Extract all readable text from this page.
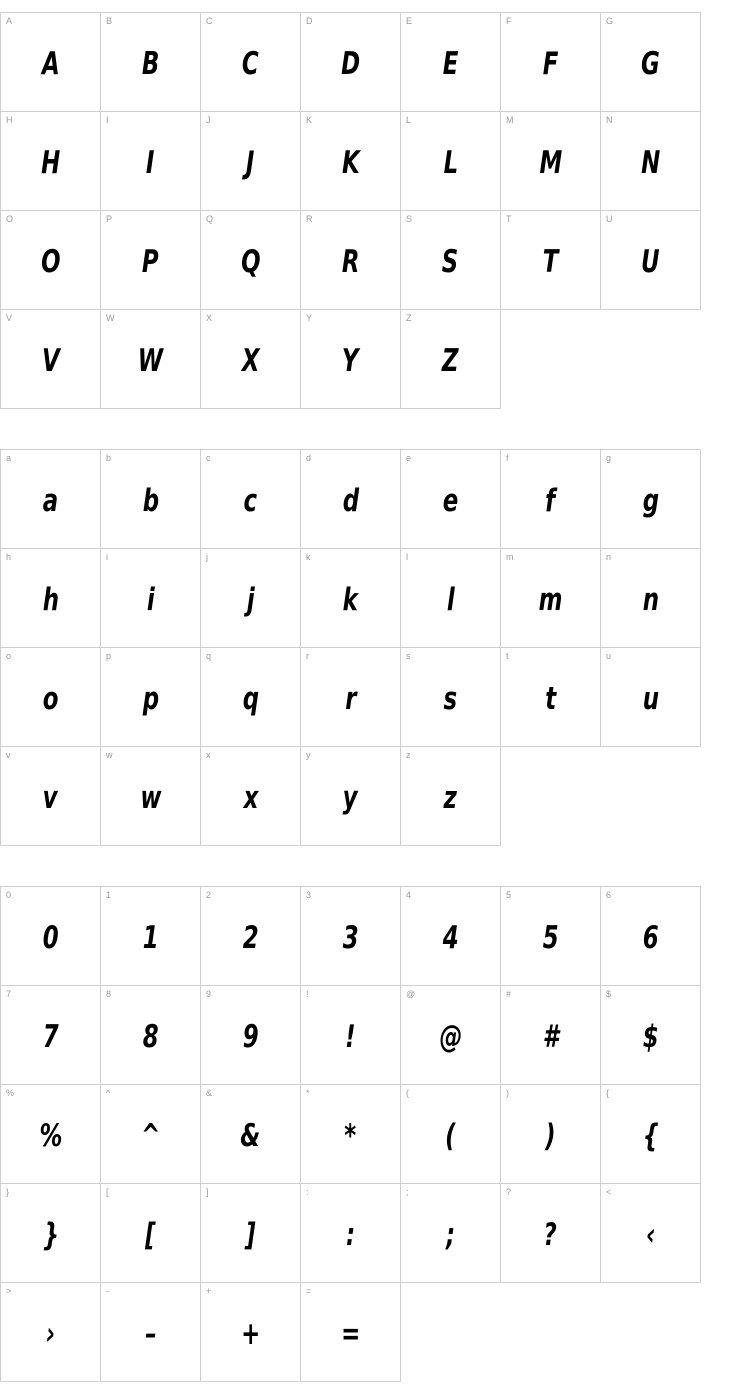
A
A
B
B
C
C
D
D
E
E
F
F
G
G
H
H
I
I
J
J
K
K
L
L
M
M
N
N
O
O
P
P
Q
Q
R
R
S
S
T
T
U
U
V
V
W
W
X
X
Y
Y
Z
Z
a
a
b
b
c
c
d
d
e
e
f
f
g
g
h
h
i
i
j
j
k
k
l
l
m
m
n
n
o
o
p
p
q
q
r
r
s
s
t
t
u
u
v
v
w
w
x
x
y
y
z
z
0
0
1
1
2
2
3
3
4
4
5
5
6
6
7
7
8
8
9
9
!
!
@
@
#
#
$
$
%
%
^
^
&
&
*
*
(
(
)
)
{
{
}
}
[
[
]
]
:
:
;
;
?
?
<
‹
>
›
-
–
+
+
=
=
